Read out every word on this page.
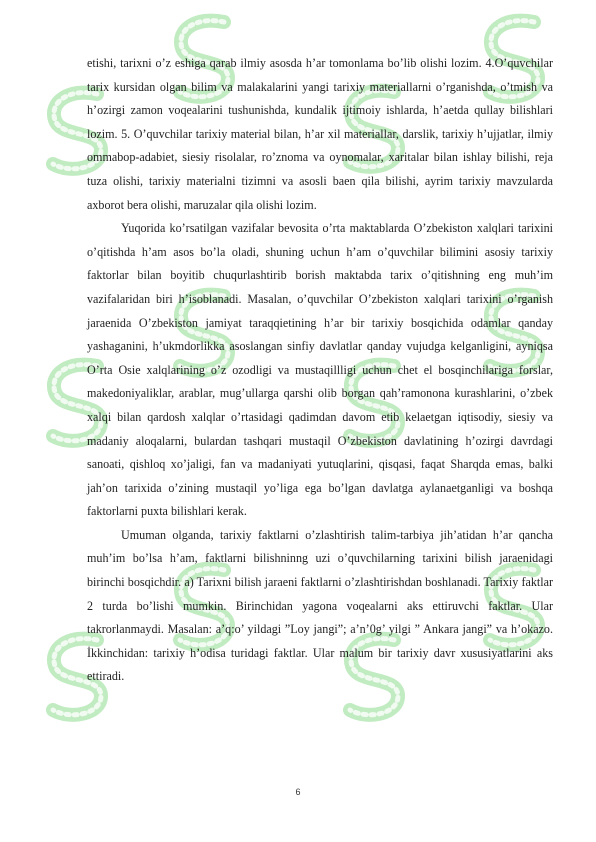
etishi, tarixni o’z eshiga qarab ilmiy asosda h’ar tomonlama bo’lib olishi lozim. 4.O’quvchilar tarix kursidan olgan bilim va malakalarini yangi tarixiy materiallarni o’rganishda, o’tmish va h’ozirgi zamon voqealarini tushunishda, kundalik ijtimoiy ishlarda, h’aetda qullay bilishlari lozim. 5. O’quvchilar tarixiy material bilan, h’ar xil materiallar, darslik, tarixiy h’ujjatlar, ilmiy ommabop-adabiet, siesiy risolalar, ro’znoma va oynomalar, xaritalar bilan ishlay bilishi, reja tuza olishi, tarixiy materialni tizimni va asosli baen qila bilishi, ayrim tarixiy mavzularda axborot bera olishi, maruzalar qila olishi lozim.

Yuqorida ko’rsatilgan vazifalar bevosita o’rta maktablarda O’zbekiston xalqlari tarixini o’qitishda h’am asos bo’la oladi, shuning uchun h’am o’quvchilar bilimini asosiy tarixiy faktorlar bilan boyitib chuqurlashtirib borish maktabda tarix o’qitishning eng muh’im vazifalaridan biri h’isoblanadi. Masalan, o’quvchilar O’zbekiston xalqlari tarixini o’rganish jaraenida O’zbekiston jamiyat taraqqietining h’ar bir tarixiy bosqichida odamlar qanday yashaganini, h’ukmdorlikka asoslangan sinfiy davlatlar qanday vujudga kelganligini, ayniqsa O’rta Osie xalqlarining o’z ozodligi va mustaqillligi uchun chet el bosqinchilariga forslar, makedoniyaliklar, arablar, mug’ullarga qarshi olib borgan qah’ramonona kurashlarini, o’zbek xalqi bilan qardosh xalqlar o’rtasidagi qadimdan davom etib kelaetgan iqtisodiy, siesiy va madaniy aloqalarni, bulardan tashqari mustaqil O’zbekiston davlatining h’ozirgi davrdagi sanoati, qishloq xo’jaligi, fan va madaniyati yutuqlarini, qisqasi, faqat Sharqda emas, balki jah’on tarixida o’zining mustaqil yo’liga ega bo’lgan davlatga aylanaetganligi va boshqa faktorlarni puxta bilishlari kerak.

Umuman olganda, tarixiy faktlarni o’zlashtirish talim-tarbiya jih’atidan h’ar qancha muh’im bo’lsa h’am, faktlarni bilishninng uzi o’quvchilarning tarixini bilish jaraenidagi birinchi bosqichdir. a) Tarixni bilish jaraeni faktlarni o’zlashtirishdan boshlanadi. Tarixiy faktlar 2 turda bo’lishi mumkin. Birinchidan yagona voqealarni aks ettiruvchi faktlar. Ular takrorlanmaydi. Masalan: a’q:o’ yildagi ”Loy jangi”; a’n’0g’ yilgi ” Ankara jangi” va h’okazo. İkkinchidan: tarixiy h’odisa turidagi faktlar. Ular malum bir tarixiy davr xususiyatlarini aks ettiradi.

6
